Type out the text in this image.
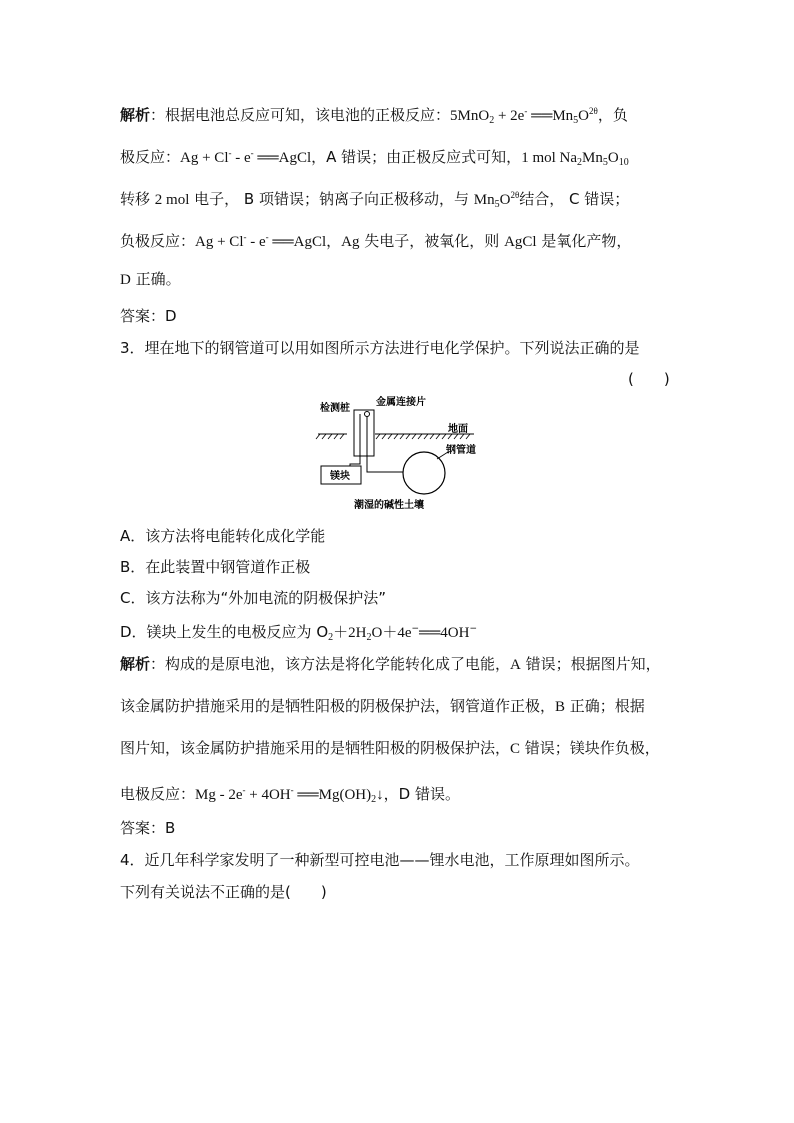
解析：根据电池总反应可知，该电池的正极反应：5MnO$_2$ + 2e- $══Mn_5O^{2\theta}$，负
极反应：Ag + Cl- - e- ══AgCl，A 错误；由正极反应式可知，1 mol $Na_2Mn_5O_{10}$
转移 2 mol 电子， B 项错误；钠离子向正极移动，与 $Mn_5O^{2\theta}$结合， C 错误；
负极反应：Ag + Cl- - e- ══AgCl，Ag 失电子，被氧化，则 AgCl 是氧化产物，
D 正确。
答案：D
3．埋在地下的钢管道可以用如图所示方法进行电化学保护。下列说法正确的是
(　　)
检测桩
金属连接片
地面
钢管道
镁块
潮湿的碱性土壤
A．该方法将电能转化成化学能
B．在此装置中钢管道作正极
C．该方法称为“外加电流的阴极保护法”
D．镁块上发生的电极反应为 $O_2+2H_2O+4e^-══4OH^-$
解析：构成的是原电池，该方法是将化学能转化成了电能，A 错误；根据图片知，
该金属防护措施采用的是牺牲阳极的阴极保护法，钢管道作正极，B 正确；根据
图片知，该金属防护措施采用的是牺牲阳极的阴极保护法，C 错误；镁块作负极，
电极反应：Mg - 2e- + 4OH- $══Mg(OH)_2↓$，D 错误。
答案：B
4．近几年科学家发明了一种新型可控电池——锂水电池，工作原理如图所示。
下列有关说法不正确的是(　　)
